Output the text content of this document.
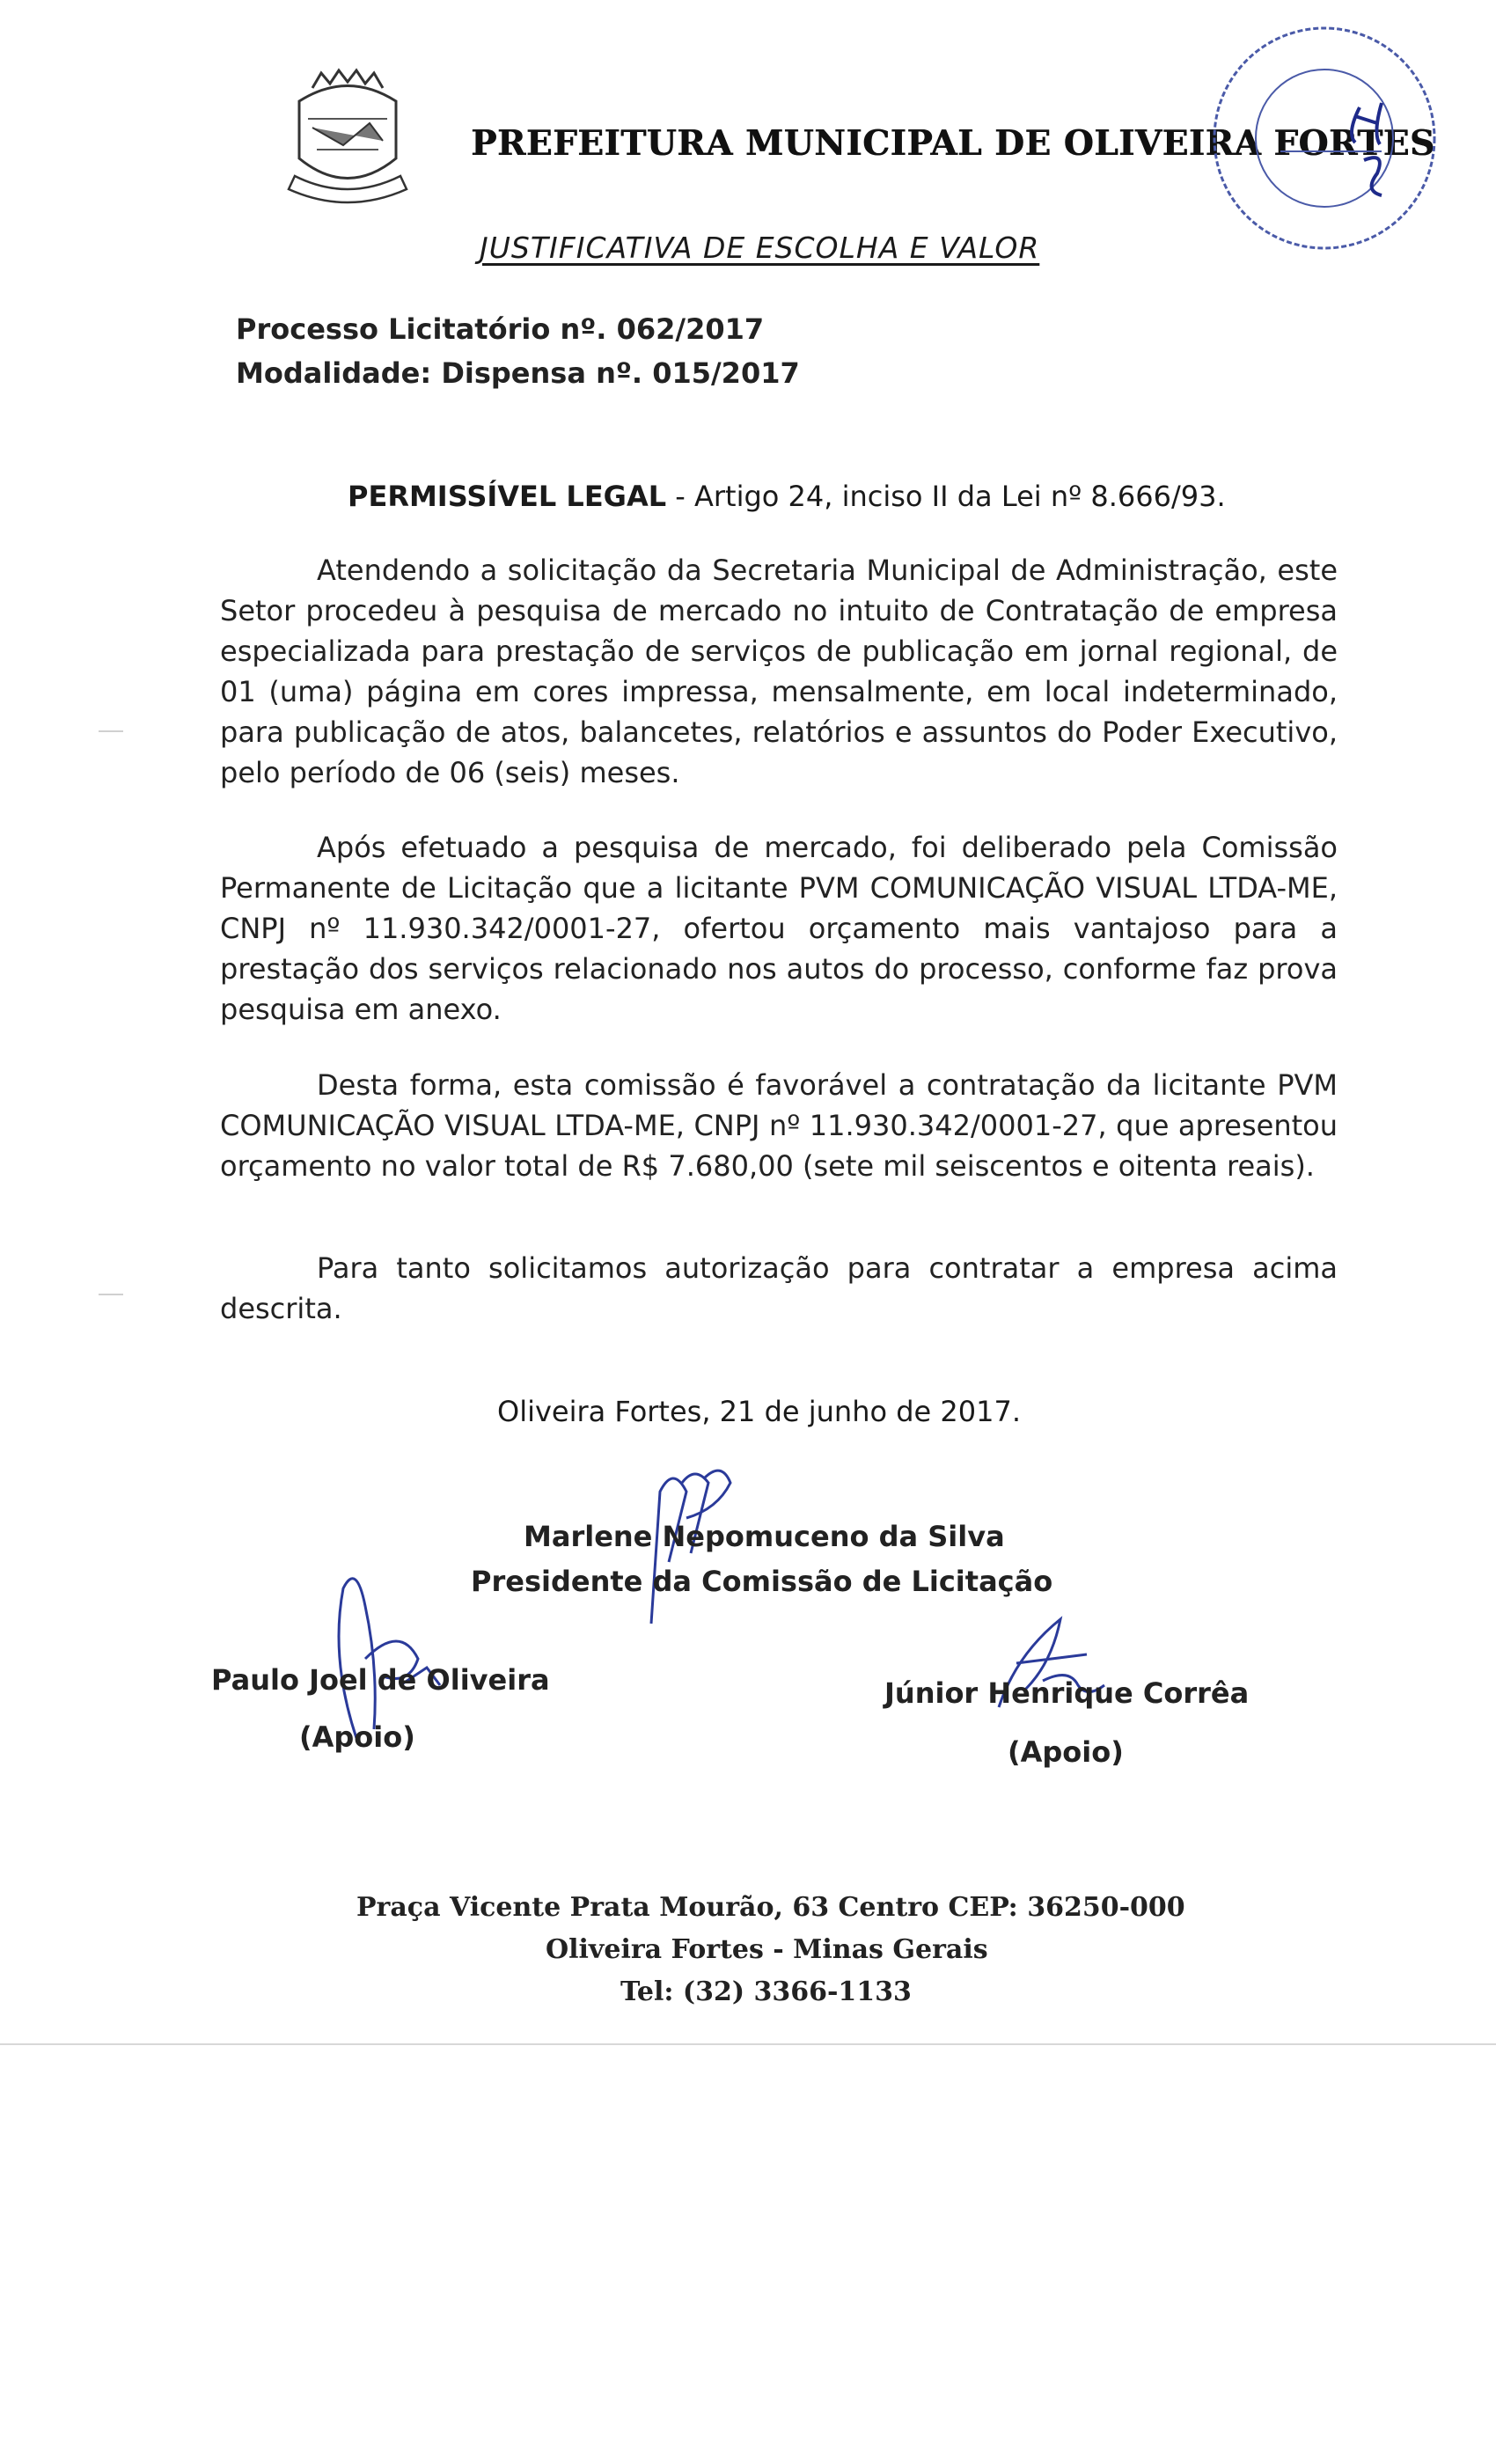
PREFEITURA MUNICIPAL DE OLIVEIRA FORTES
JUSTIFICATIVA DE ESCOLHA E VALOR
Processo Licitatório nº. 062/2017
Modalidade: Dispensa nº. 015/2017
PERMISSÍVEL LEGAL - Artigo 24, inciso II da Lei nº 8.666/93.
Atendendo a solicitação da Secretaria Municipal de Administração, este Setor procedeu à pesquisa de mercado no intuito de Contratação de empresa especializada para prestação de serviços de publicação em jornal regional, de 01 (uma) página em cores impressa, mensalmente, em local indeterminado, para publicação de atos, balancetes, relatórios e assuntos do Poder Executivo, pelo período de 06 (seis) meses.
Após efetuado a pesquisa de mercado, foi deliberado pela Comissão Permanente de Licitação que a licitante PVM COMUNICAÇÃO VISUAL LTDA-ME, CNPJ nº 11.930.342/0001-27, ofertou orçamento mais vantajoso para a prestação dos serviços relacionado nos autos do processo, conforme faz prova pesquisa em anexo.
Desta forma, esta comissão é favorável a contratação da licitante PVM COMUNICAÇÃO VISUAL LTDA-ME, CNPJ nº 11.930.342/0001-27, que apresentou orçamento no valor total de R$ 7.680,00 (sete mil seiscentos e oitenta reais).
Para tanto solicitamos autorização para contratar a empresa acima descrita.
Oliveira Fortes, 21 de junho de 2017.
Marlene Nepomuceno da Silva
Presidente da Comissão de Licitação
Paulo Joel de Oliveira
(Apoio)
Júnior Henrique Corrêa
(Apoio)
Praça Vicente Prata Mourão, 63 Centro CEP: 36250-000
Oliveira Fortes - Minas Gerais
Tel: (32) 3366-1133
